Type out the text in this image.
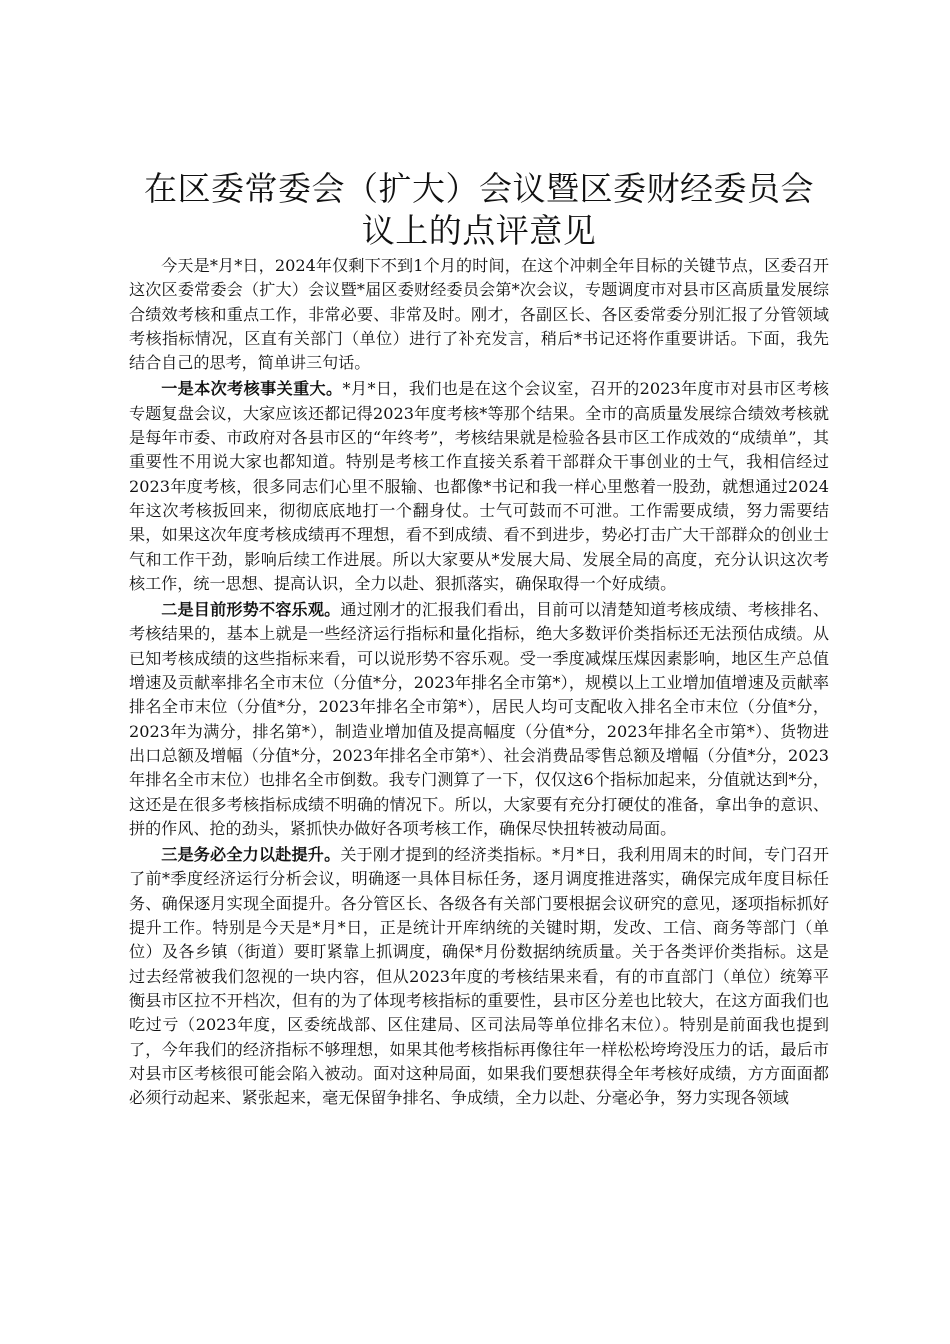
在区委常委会（扩大）会议暨区委财经委员会
议上的点评意见

今天是*月*日，2024年仅剩下不到1个月的时间，在这个冲刺全年目标的关键节点，区委召开这次区委常委会（扩大）会议暨*届区委财经委员会第*次会议，专题调度市对县市区高质量发展综合绩效考核和重点工作，非常必要、非常及时。刚才，各副区长、各区委常委分别汇报了分管领域考核指标情况，区直有关部门（单位）进行了补充发言，稍后*书记还将作重要讲话。下面，我先结合自己的思考，简单讲三句话。

一是本次考核事关重大。*月*日，我们也是在这个会议室，召开的2023年度市对县市区考核专题复盘会议，大家应该还都记得2023年度考核*等那个结果。全市的高质量发展综合绩效考核就是每年市委、市政府对各县市区的“年终考”，考核结果就是检验各县市区工作成效的“成绩单”，其重要性不用说大家也都知道。特别是考核工作直接关系着干部群众干事创业的士气，我相信经过2023年度考核，很多同志们心里不服输、也都像*书记和我一样心里憋着一股劲，就想通过2024年这次考核扳回来，彻彻底底地打一个翻身仗。士气可鼓而不可泄。工作需要成绩，努力需要结果，如果这次年度考核成绩再不理想，看不到成绩、看不到进步，势必打击广大干部群众的创业士气和工作干劲，影响后续工作进展。所以大家要从*发展大局、发展全局的高度，充分认识这次考核工作，统一思想、提高认识，全力以赴、狠抓落实，确保取得一个好成绩。

二是目前形势不容乐观。通过刚才的汇报我们看出，目前可以清楚知道考核成绩、考核排名、考核结果的，基本上就是一些经济运行指标和量化指标，绝大多数评价类指标还无法预估成绩。从已知考核成绩的这些指标来看，可以说形势不容乐观。受一季度减煤压煤因素影响，地区生产总值增速及贡献率排名全市末位（分值*分，2023年排名全市第*），规模以上工业增加值增速及贡献率排名全市末位（分值*分，2023年排名全市第*），居民人均可支配收入排名全市末位（分值*分，2023年为满分，排名第*），制造业增加值及提高幅度（分值*分，2023年排名全市第*）、货物进出口总额及增幅（分值*分，2023年排名全市第*）、社会消费品零售总额及增幅（分值*分，2023年排名全市末位）也排名全市倒数。我专门测算了一下，仅仅这6个指标加起来，分值就达到*分，这还是在很多考核指标成绩不明确的情况下。所以，大家要有充分打硬仗的准备，拿出争的意识、拼的作风、抢的劲头，紧抓快办做好各项考核工作，确保尽快扭转被动局面。

三是务必全力以赴提升。关于刚才提到的经济类指标。*月*日，我利用周末的时间，专门召开了前*季度经济运行分析会议，明确逐一具体目标任务，逐月调度推进落实，确保完成年度目标任务、确保逐月实现全面提升。各分管区长、各级各有关部门要根据会议研究的意见，逐项指标抓好提升工作。特别是今天是*月*日，正是统计开库纳统的关键时期，发改、工信、商务等部门（单位）及各乡镇（街道）要盯紧靠上抓调度，确保*月份数据纳统质量。关于各类评价类指标。这是过去经常被我们忽视的一块内容，但从2023年度的考核结果来看，有的市直部门（单位）统筹平衡县市区拉不开档次，但有的为了体现考核指标的重要性，县市区分差也比较大，在这方面我们也吃过亏（2023年度，区委统战部、区住建局、区司法局等单位排名末位）。特别是前面我也提到了，今年我们的经济指标不够理想，如果其他考核指标再像往年一样松松垮垮没压力的话，最后市对县市区考核很可能会陷入被动。面对这种局面，如果我们要想获得全年考核好成绩，方方面面都必须行动起来、紧张起来，毫无保留争排名、争成绩，全力以赴、分毫必争，努力实现各领域
